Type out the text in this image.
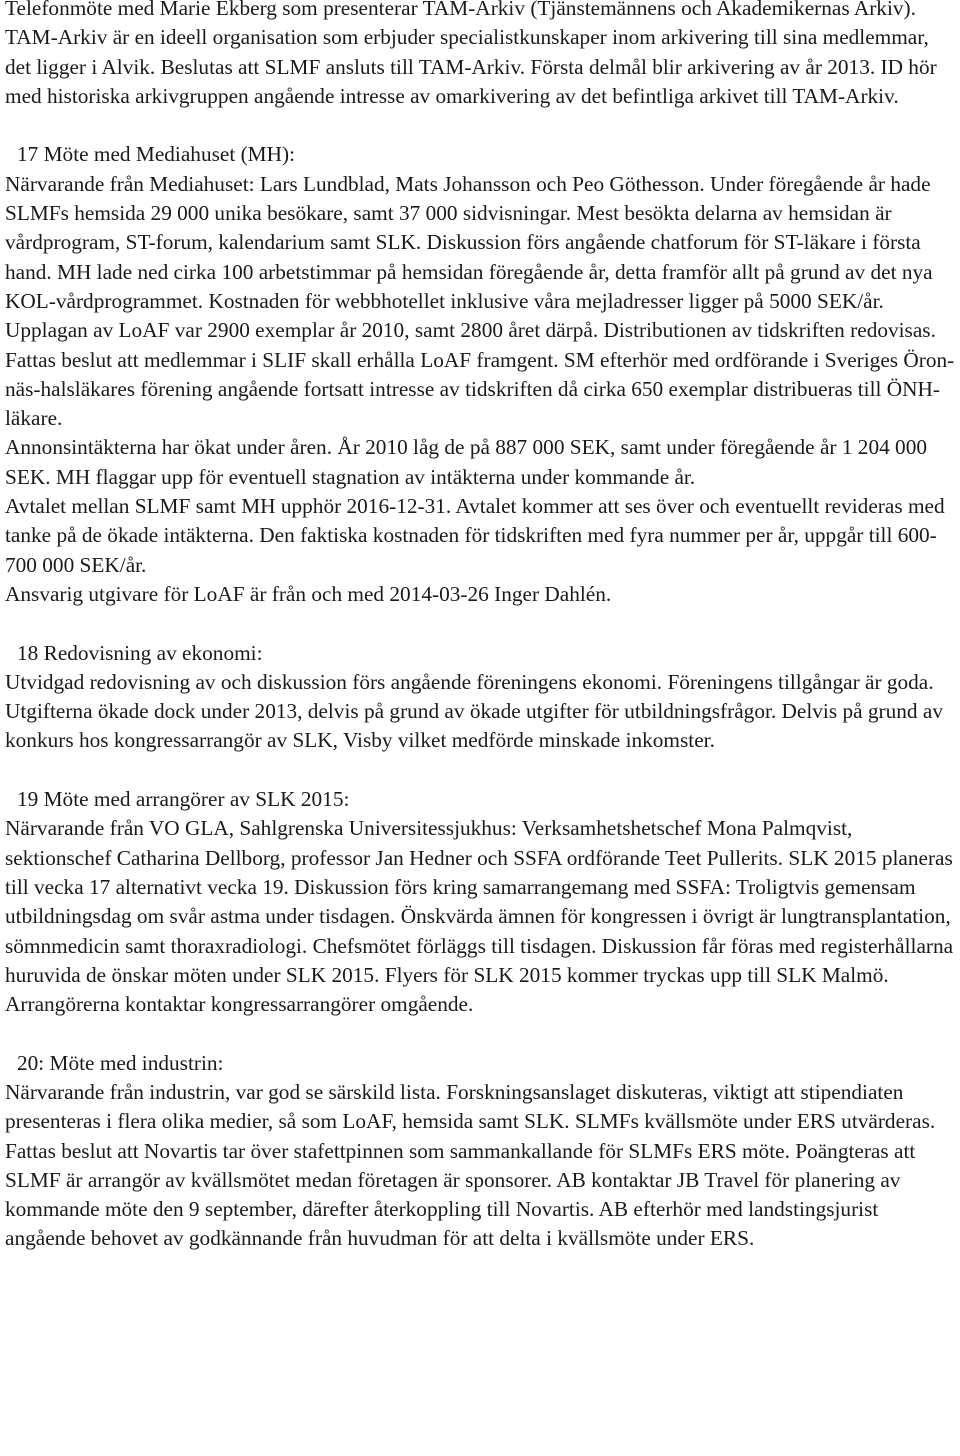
Telefonmöte med Marie Ekberg som presenterar TAM-Arkiv (Tjänstemännens och Akademikernas Arkiv). TAM-Arkiv är en ideell organisation som erbjuder specialistkunskaper inom arkivering till sina medlemmar, det ligger i Alvik. Beslutas att SLMF ansluts till TAM-Arkiv. Första delmål blir arkivering av år 2013. ID hör med historiska arkivgruppen angående intresse av omarkivering av det befintliga arkivet till TAM-Arkiv.

17 Möte med Mediahuset (MH):

Närvarande från Mediahuset: Lars Lundblad, Mats Johansson och Peo Göthesson. Under föregående år hade SLMFs hemsida 29 000 unika besökare, samt 37 000 sidvisningar. Mest besökta delarna av hemsidan är vårdprogram, ST-forum, kalendarium samt SLK. Diskussion förs angående chatforum för ST-läkare i första hand. MH lade ned cirka 100 arbetstimmar på hemsidan föregående år, detta framför allt på grund av det nya KOL-vårdprogrammet. Kostnaden för webbhotellet inklusive våra mejladresser ligger på 5000 SEK/år. Upplagan av LoAF var 2900 exemplar år 2010, samt 2800 året därpå. Distributionen av tidskriften redovisas. Fattas beslut att medlemmar i SLIF skall erhålla LoAF framgent. SM efterhör med ordförande i Sveriges Öron-näs-halsläkares förening angående fortsatt intresse av tidskriften då cirka 650 exemplar distribueras till ÖNH-läkare.

Annonsintäkterna har ökat under åren. År 2010 låg de på 887 000 SEK, samt under föregående år 1 204 000 SEK. MH flaggar upp för eventuell stagnation av intäkterna under kommande år.

Avtalet mellan SLMF samt MH upphör 2016-12-31. Avtalet kommer att ses över och eventuellt revideras med tanke på de ökade intäkterna. Den faktiska kostnaden för tidskriften med fyra nummer per år, uppgår till 600-700 000 SEK/år.

Ansvarig utgivare för LoAF är från och med 2014-03-26 Inger Dahlén.

18 Redovisning av ekonomi:

Utvidgad redovisning av och diskussion förs angående föreningens ekonomi. Föreningens tillgångar är goda. Utgifterna ökade dock under 2013, delvis på grund av ökade utgifter för utbildningsfrågor. Delvis på grund av konkurs hos kongressarrangör av SLK, Visby vilket medförde minskade inkomster.

19 Möte med arrangörer av SLK 2015:

Närvarande från VO GLA, Sahlgrenska Universitessjukhus: Verksamhetshetschef Mona Palmqvist, sektionschef Catharina Dellborg, professor Jan Hedner och SSFA ordförande Teet Pullerits. SLK 2015 planeras till vecka 17 alternativt vecka 19. Diskussion förs kring samarrangemang med SSFA: Troligtvis gemensam utbildningsdag om svår astma under tisdagen. Önskvärda ämnen för kongressen i övrigt är lungtransplantation, sömnmedicin samt thoraxradiologi. Chefsmötet förläggs till tisdagen. Diskussion får föras med registerhållarna huruvida de önskar möten under SLK 2015. Flyers för SLK 2015 kommer tryckas upp till SLK Malmö. Arrangörerna kontaktar kongressarrangörer omgående.

20: Möte med industrin:

Närvarande från industrin, var god se särskild lista. Forskningsanslaget diskuteras, viktigt att stipendiaten presenteras i flera olika medier, så som LoAF, hemsida samt SLK. SLMFs kvällsmöte under ERS utvärderas. Fattas beslut att Novartis tar över stafettpinnen som sammankallande för SLMFs ERS möte. Poängteras att SLMF är arrangör av kvällsmötet medan företagen är sponsorer. AB kontaktar JB Travel för planering av kommande möte den 9 september, därefter återkoppling till Novartis. AB efterhör med landstingsjurist angående behovet av godkännande från huvudman för att delta i kvällsmöte under ERS.
